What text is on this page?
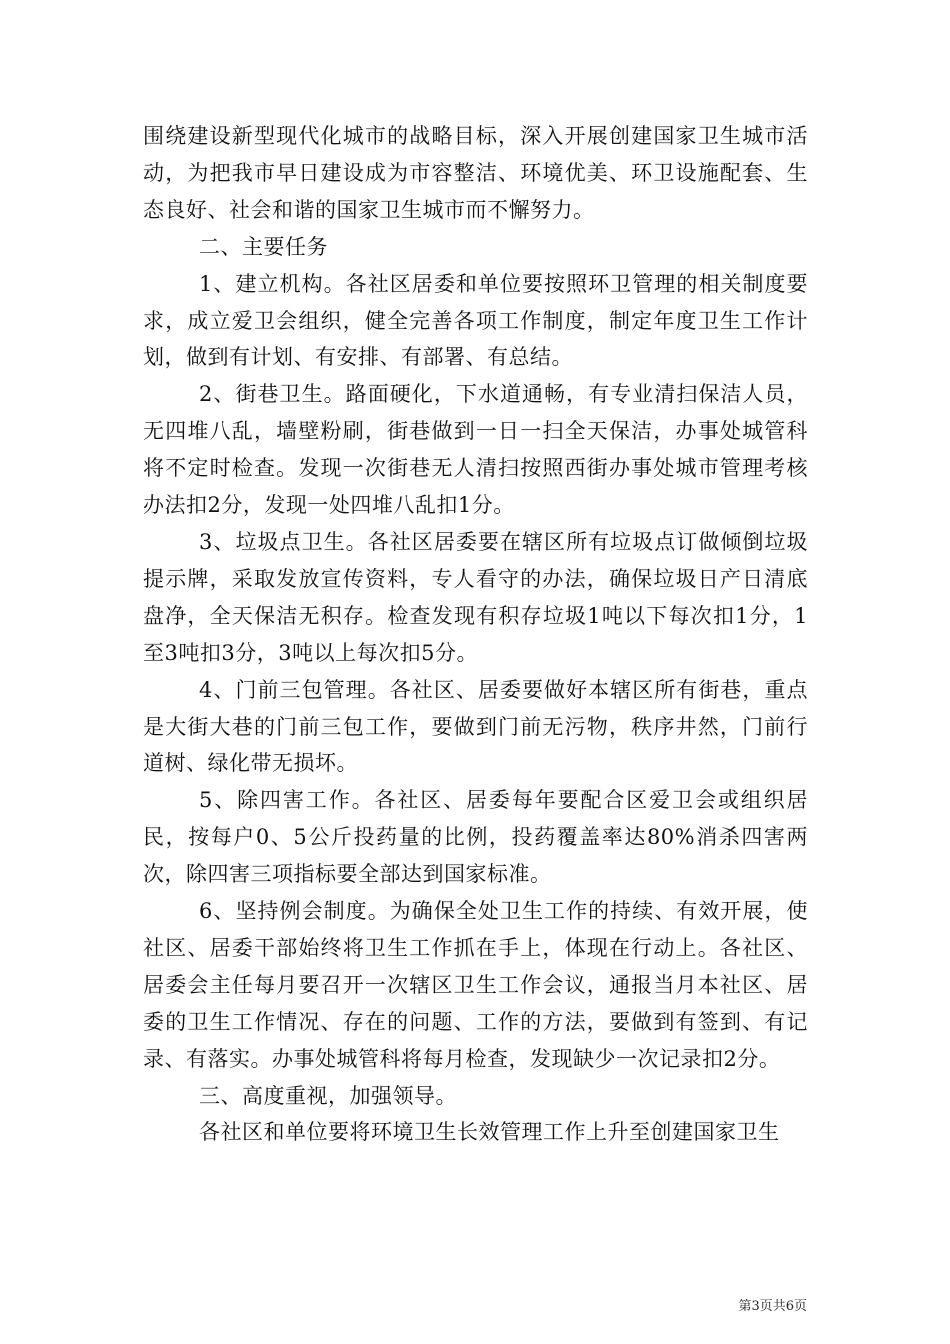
围绕建设新型现代化城市的战略目标，深入开展创建国家卫生城市活动，为把我市早日建设成为市容整洁、环境优美、环卫设施配套、生态良好、社会和谐的国家卫生城市而不懈努力。

二、主要任务

1、建立机构。各社区居委和单位要按照环卫管理的相关制度要求，成立爱卫会组织，健全完善各项工作制度，制定年度卫生工作计划，做到有计划、有安排、有部署、有总结。

2、街巷卫生。路面硬化，下水道通畅，有专业清扫保洁人员，无四堆八乱，墙壁粉刷，街巷做到一日一扫全天保洁，办事处城管科将不定时检查。发现一次街巷无人清扫按照西街办事处城市管理考核办法扣2分，发现一处四堆八乱扣1分。

3、垃圾点卫生。各社区居委要在辖区所有垃圾点订做倾倒垃圾提示牌，采取发放宣传资料，专人看守的办法，确保垃圾日产日清底盘净，全天保洁无积存。检查发现有积存垃圾1吨以下每次扣1分，1至3吨扣3分，3吨以上每次扣5分。

4、门前三包管理。各社区、居委要做好本辖区所有街巷，重点是大街大巷的门前三包工作，要做到门前无污物，秩序井然，门前行道树、绿化带无损坏。

5、除四害工作。各社区、居委每年要配合区爱卫会或组织居民，按每户0、5公斤投药量的比例，投药覆盖率达80%消杀四害两次，除四害三项指标要全部达到国家标准。

6、坚持例会制度。为确保全处卫生工作的持续、有效开展，使社区、居委干部始终将卫生工作抓在手上，体现在行动上。各社区、居委会主任每月要召开一次辖区卫生工作会议，通报当月本社区、居委的卫生工作情况、存在的问题、工作的方法，要做到有签到、有记录、有落实。办事处城管科将每月检查，发现缺少一次记录扣2分。

三、高度重视，加强领导。

各社区和单位要将环境卫生长效管理工作上升至创建国家卫生

第3页共6页
